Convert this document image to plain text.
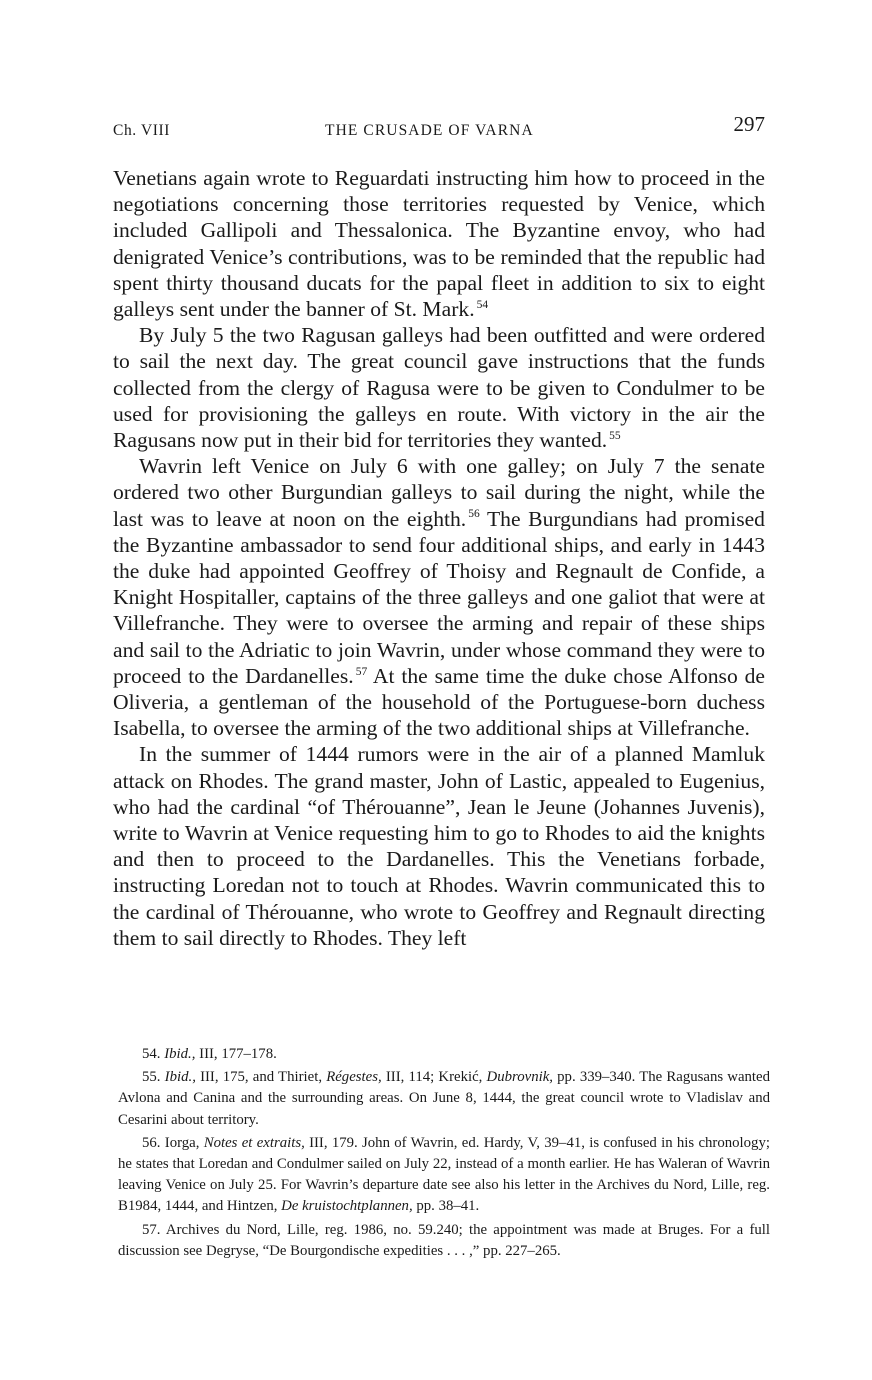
Ch. VIII	THE CRUSADE OF VARNA	297

Venetians again wrote to Reguardati instructing him how to proceed in the negotiations concerning those territories requested by Venice, which included Gallipoli and Thessalonica. The Byzantine envoy, who had denigrated Venice’s contributions, was to be reminded that the republic had spent thirty thousand ducats for the papal fleet in addition to six to eight galleys sent under the banner of St. Mark. $^{54}$

By July 5 the two Ragusan galleys had been outfitted and were ordered to sail the next day. The great council gave instructions that the funds collected from the clergy of Ragusa were to be given to Condulmer to be used for provisioning the galleys en route. With victory in the air the Ragusans now put in their bid for territories they wanted. $^{55}$

Wavrin left Venice on July 6 with one galley; on July 7 the senate ordered two other Burgundian galleys to sail during the night, while the last was to leave at noon on the eighth. $^{56}$ The Burgundians had promised the Byzantine ambassador to send four additional ships, and early in 1443 the duke had appointed Geoffrey of Thoisy and Regnault de Confide, a Knight Hospitaller, captains of the three galleys and one galiot that were at Villefranche. They were to oversee the arming and repair of these ships and sail to the Adriatic to join Wavrin, under whose command they were to proceed to the Dardanelles. $^{57}$ At the same time the duke chose Alfonso de Oliveria, a gentleman of the household of the Portuguese-born duchess Isabella, to oversee the arming of the two additional ships at Villefranche.

In the summer of 1444 rumors were in the air of a planned Mamluk attack on Rhodes. The grand master, John of Lastic, appealed to Eugenius, who had the cardinal “of Thérouanne”, Jean le Jeune (Johannes Juvenis), write to Wavrin at Venice requesting him to go to Rhodes to aid the knights and then to proceed to the Dardanelles. This the Venetians forbade, instructing Loredan not to touch at Rhodes. Wavrin communicated this to the cardinal of Thérouanne, who wrote to Geoffrey and Regnault directing them to sail directly to Rhodes. They left

54. Ibid., III, 177–178.

55. Ibid., III, 175, and Thiriet, Régestes, III, 114; Krekić, Dubrovnik, pp. 339–340. The Ragusans wanted Avlona and Canina and the surrounding areas. On June 8, 1444, the great council wrote to Vladislav and Cesarini about territory.

56. Iorga, Notes et extraits, III, 179. John of Wavrin, ed. Hardy, V, 39–41, is confused in his chronology; he states that Loredan and Condulmer sailed on July 22, instead of a month earlier. He has Waleran of Wavrin leaving Venice on July 25. For Wavrin’s departure date see also his letter in the Archives du Nord, Lille, reg. B1984, 1444, and Hintzen, De kruistochtplannen, pp. 38–41.

57. Archives du Nord, Lille, reg. 1986, no. 59.240; the appointment was made at Bruges. For a full discussion see Degryse, “De Bourgondische expedities . . . ,” pp. 227–265.
